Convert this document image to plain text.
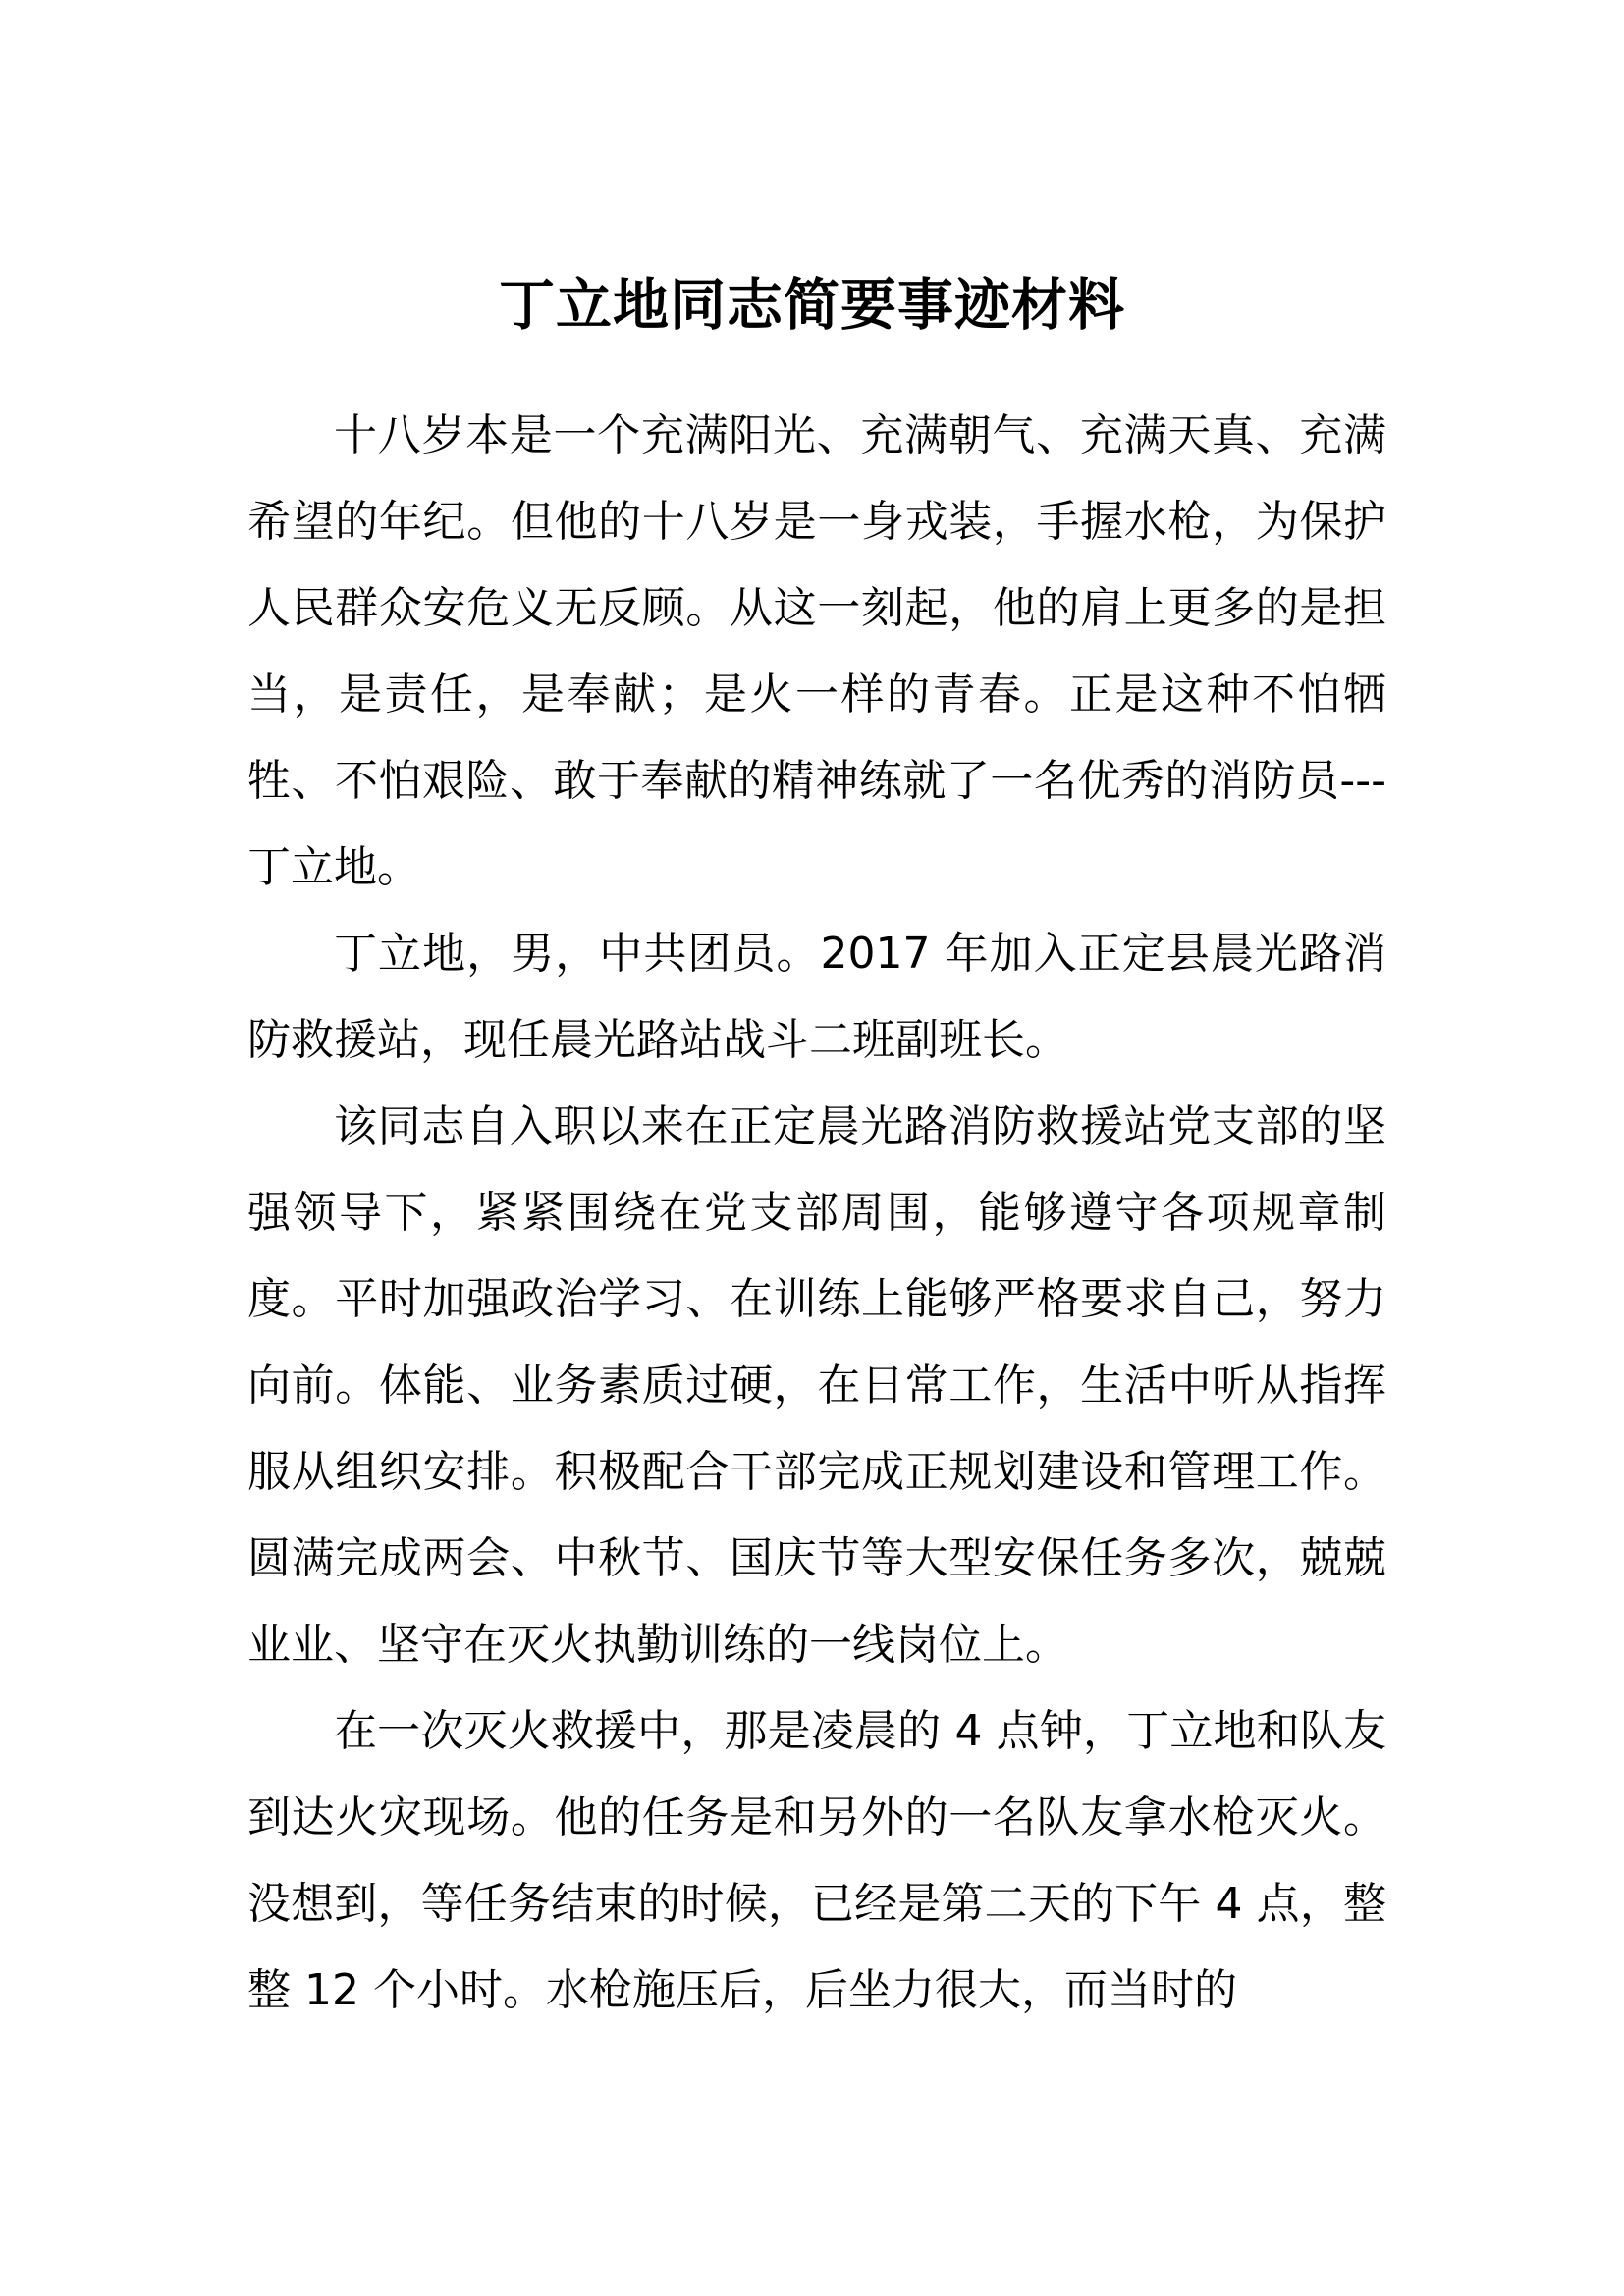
丁立地同志简要事迹材料

十八岁本是一个充满阳光、充满朝气、充满天真、充满希望的年纪。但他的十八岁是一身戎装，手握水枪，为保护人民群众安危义无反顾。从这一刻起，他的肩上更多的是担当，是责任，是奉献；是火一样的青春。正是这种不怕牺牲、不怕艰险、敢于奉献的精神练就了一名优秀的消防员---丁立地。

丁立地，男，中共团员。2017 年加入正定县晨光路消防救援站，现任晨光路站战斗二班副班长。

该同志自入职以来在正定晨光路消防救援站党支部的坚强领导下，紧紧围绕在党支部周围，能够遵守各项规章制度。平时加强政治学习、在训练上能够严格要求自己，努力向前。体能、业务素质过硬，在日常工作，生活中听从指挥服从组织安排。积极配合干部完成正规划建设和管理工作。圆满完成两会、中秋节、国庆节等大型安保任务多次，兢兢业业、坚守在灭火执勤训练的一线岗位上。

在一次灭火救援中，那是凌晨的 4 点钟，丁立地和队友到达火灾现场。他的任务是和另外的一名队友拿水枪灭火。没想到，等任务结束的时候，已经是第二天的下午 4 点，整整 12 个小时。水枪施压后，后坐力很大，而当时的
